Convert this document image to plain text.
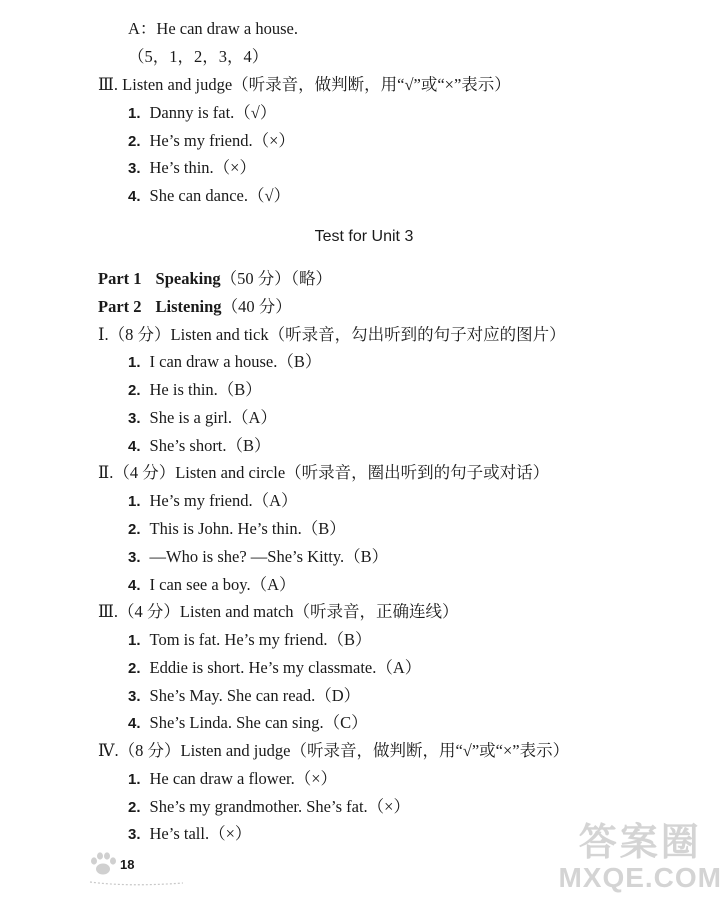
A：He can draw a house.
（5，1，2，3，4）
Ⅲ. Listen and judge（听录音，做判断，用“√”或“×”表示）
1. Danny is fat.（√）
2. He’s my friend.（×）
3. He’s thin.（×）
4. She can dance.（√）
Test for Unit 3
Part 1 Speaking（50 分）（略）
Part 2 Listening（40 分）
Ⅰ.（8 分）Listen and tick（听录音，勾出听到的句子对应的图片）
1. I can draw a house.（B）
2. He is thin.（B）
3. She is a girl.（A）
4. She’s short.（B）
Ⅱ.（4 分）Listen and circle（听录音，圈出听到的句子或对话）
1. He’s my friend.（A）
2. This is John. He’s thin.（B）
3. —Who is she? —She’s Kitty.（B）
4. I can see a boy.（A）
Ⅲ.（4 分）Listen and match（听录音，正确连线）
1. Tom is fat. He’s my friend.（B）
2. Eddie is short. He’s my classmate.（A）
3. She’s May. She can read.（D）
4. She’s Linda. She can sing.（C）
Ⅳ.（8 分）Listen and judge（听录音，做判断，用“√”或“×”表示）
1. He can draw a flower.（×）
2. She’s my grandmother. She’s fat.（×）
3. He’s tall.（×）
18
答案圈
MXQE.COM
